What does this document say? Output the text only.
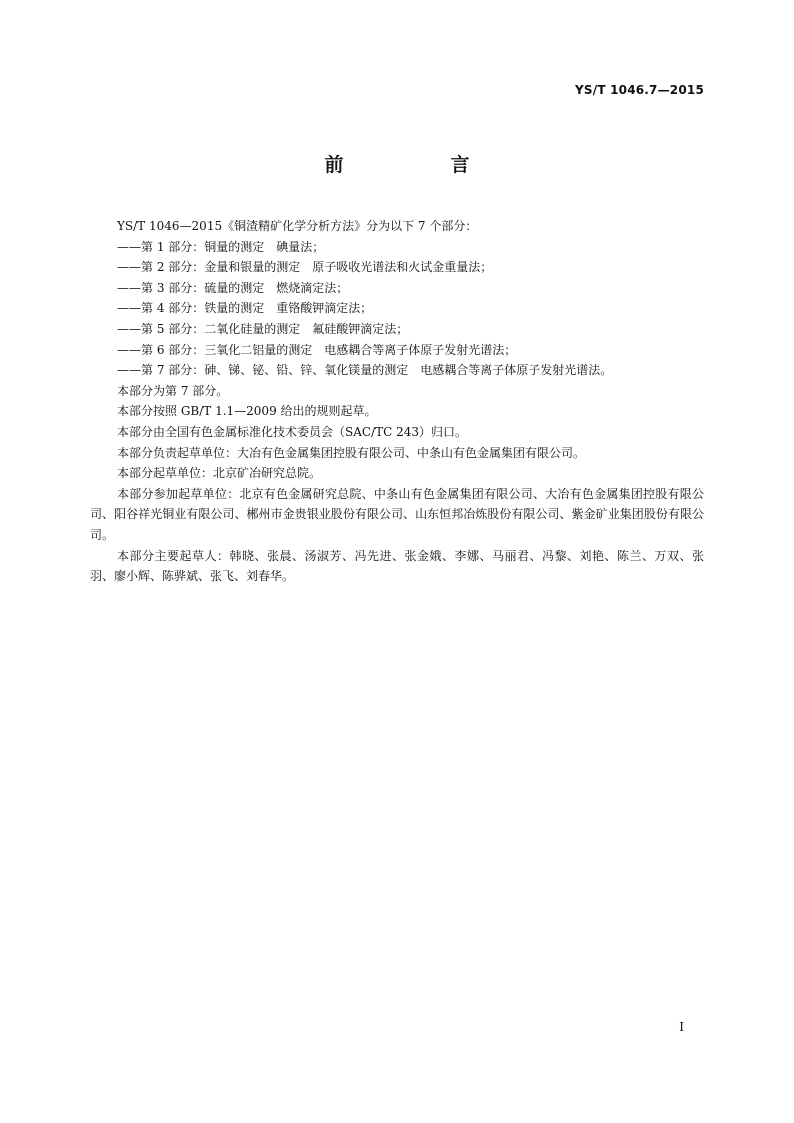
YS/T 1046.7—2015
前　言

YS/T 1046—2015《铜渣精矿化学分析方法》分为以下 7 个部分：

——第 1 部分：铜量的测定　碘量法；

——第 2 部分：金量和银量的测定　原子吸收光谱法和火试金重量法；

——第 3 部分：硫量的测定　燃烧滴定法；

——第 4 部分：铁量的测定　重铬酸钾滴定法；

——第 5 部分：二氧化硅量的测定　氟硅酸钾滴定法；

——第 6 部分：三氧化二铝量的测定　电感耦合等离子体原子发射光谱法；

——第 7 部分：砷、锑、铋、铅、锌、氧化镁量的测定　电感耦合等离子体原子发射光谱法。

本部分为第 7 部分。

本部分按照 GB/T 1.1—2009 给出的规则起草。

本部分由全国有色金属标准化技术委员会（SAC/TC 243）归口。

本部分负责起草单位：大冶有色金属集团控股有限公司、中条山有色金属集团有限公司。

本部分起草单位：北京矿冶研究总院。

本部分参加起草单位：北京有色金属研究总院、中条山有色金属集团有限公司、大冶有色金属集团控股有限公司、阳谷祥光铜业有限公司、郴州市金贵银业股份有限公司、山东恒邦冶炼股份有限公司、紫金矿业集团股份有限公司。

本部分主要起草人：韩晓、张晨、汤淑芳、冯先进、张金娥、李娜、马丽君、冯黎、刘艳、陈兰、万双、张羽、廖小辉、陈骅斌、张飞、刘春华。

I
